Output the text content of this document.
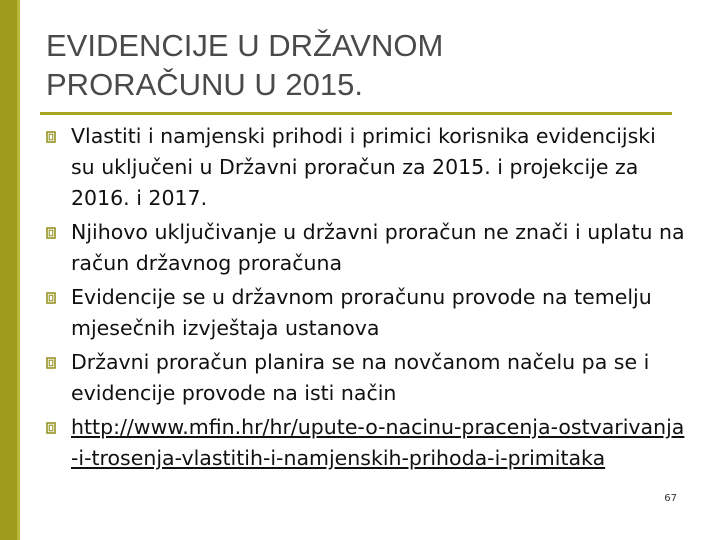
EVIDENCIJE U DRŽAVNOM
PRORAČUNU U 2015.
Vlastiti i namjenski prihodi i primici korisnika evidencijski su uključeni u Državni proračun za 2015. i projekcije za 2016. i 2017.
Njihovo uključivanje u državni proračun ne znači i uplatu na račun državnog proračuna
Evidencije se u državnom proračunu provode na temelju mjesečnih izvještaja ustanova
Državni proračun planira se na novčanom načelu pa se i evidencije provode na isti način
http://www.mfin.hr/hr/upute-o-nacinu-pracenja-ostvarivanja-i-trosenja-vlastitih-i-namjenskih-prihoda-i-primitaka
67
